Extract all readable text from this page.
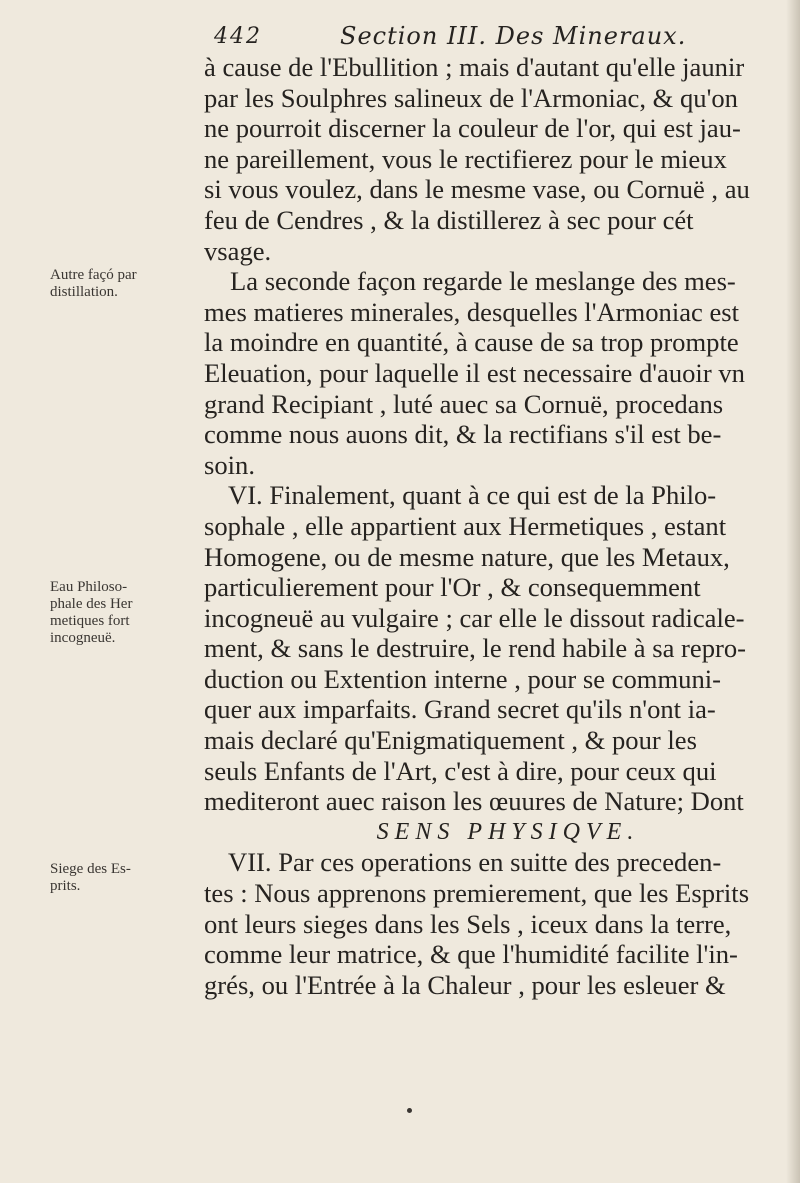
442	Section III. Des Mineraux.
Autre façó par
distillation.
Eau Philoso-
phale des Her
metiques fort
incogneuë.
Siege des Es-
prits.
à cause de l'Ebullition ; mais d'autant qu'elle jaunir
par les Soulphres salineux de l'Armoniac, & qu'on
ne pourroit discerner la couleur de l'or, qui est jau-
ne pareillement, vous le rectifierez pour le mieux
si vous voulez, dans le mesme vase, ou Cornuë , au
feu de Cendres , & la distillerez à sec pour cét
vsage.
La seconde façon regarde le meslange des mes-
mes matieres minerales, desquelles l'Armoniac est
la moindre en quantité, à cause de sa trop prompte
Eleuation, pour laquelle il est necessaire d'auoir vn
grand Recipiant , luté auec sa Cornuë, procedans
comme nous auons dit, & la rectifians s'il est be-
soin.
VI. Finalement, quant à ce qui est de la Philo-
sophale , elle appartient aux Hermetiques , estant
Homogene, ou de mesme nature, que les Metaux,
particulierement pour l'Or , & consequemment
incogneuë au vulgaire ; car elle le dissout radicale-
ment, & sans le destruire, le rend habile à sa repro-
duction ou Extention interne , pour se communi-
quer aux imparfaits. Grand secret qu'ils n'ont ia-
mais declaré qu'Enigmatiquement , & pour les
seuls Enfants de l'Art, c'est à dire, pour ceux qui
mediteront auec raison les œuures de Nature; Dont
SENS PHYSIQVE.
VII. Par ces operations en suitte des preceden-
tes : Nous apprenons premierement, que les Esprits
ont leurs sieges dans les Sels , iceux dans la terre,
comme leur matrice, & que l'humidité facilite l'in-
grés, ou l'Entrée à la Chaleur , pour les esleuer &
